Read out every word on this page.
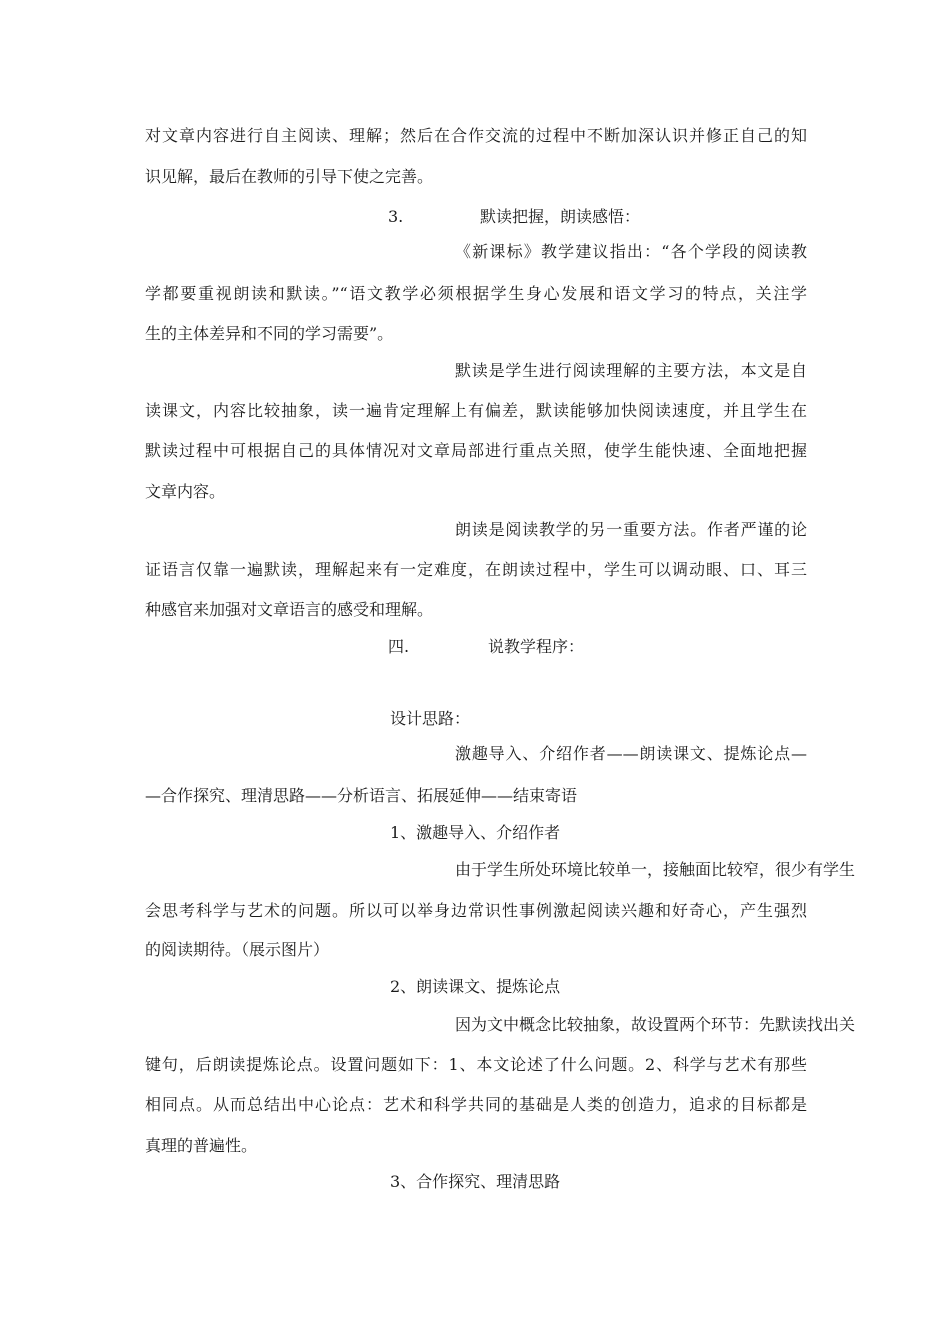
对文章内容进行自主阅读、理解；然后在合作交流的过程中不断加深认识并修正自己的知
识见解，最后在教师的引导下使之完善。
3.	默读把握，朗读感悟：
《新课标》教学建议指出：“各个学段的阅读教
学都要重视朗读和默读。”“语文教学必须根据学生身心发展和语文学习的特点，关注学
生的主体差异和不同的学习需要”。
默读是学生进行阅读理解的主要方法，本文是自
读课文，内容比较抽象，读一遍肯定理解上有偏差，默读能够加快阅读速度，并且学生在
默读过程中可根据自己的具体情况对文章局部进行重点关照，使学生能快速、全面地把握
文章内容。
朗读是阅读教学的另一重要方法。作者严谨的论
证语言仅靠一遍默读，理解起来有一定难度，在朗读过程中，学生可以调动眼、口、耳三
种感官来加强对文章语言的感受和理解。
四.	说教学程序：
设计思路：
激趣导入、介绍作者——朗读课文、提炼论点—
—合作探究、理清思路——分析语言、拓展延伸——结束寄语
1、激趣导入、介绍作者
由于学生所处环境比较单一，接触面比较窄，很少有学生
会思考科学与艺术的问题。所以可以举身边常识性事例激起阅读兴趣和好奇心，产生强烈
的阅读期待。（展示图片）
2、朗读课文、提炼论点
因为文中概念比较抽象，故设置两个环节：先默读找出关
键句，后朗读提炼论点。设置问题如下：1、本文论述了什么问题。2、科学与艺术有那些
相同点。从而总结出中心论点：艺术和科学共同的基础是人类的创造力，追求的目标都是
真理的普遍性。
3、合作探究、理清思路
